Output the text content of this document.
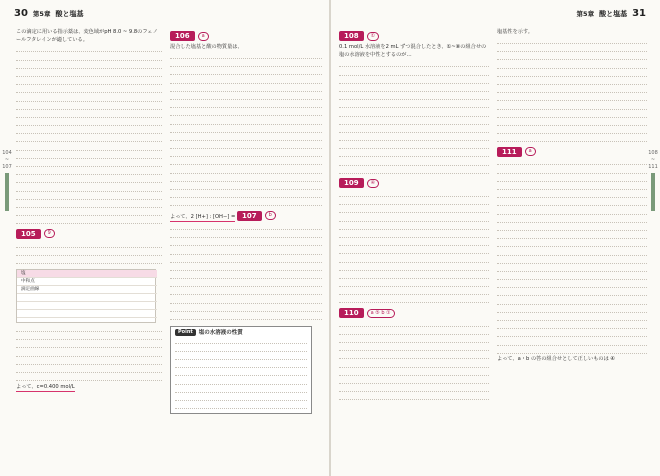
30 第5章 酸と塩基
104 ~ 107

この滴定に用いる指示薬は、変色域がpH 8.0 ~ 9.8のフェノールフタレインが適している。

105	9
塩
中和点
滴定曲線

よって、c=0.400 mol/L

106	a

混合した塩基と酸の物質量は、

よって、2 [H+] : [OH−] =

107	b
Point	塩の水溶液の性質
第5章 酸と塩基 31
108 ~ 111
108	①

0.1 mol/L 水溶液を2 mL ずつ混合したとき、①~⑧の組合せの塩の水溶液を中性とするのが…

109	④
110	a ⑤ b ①

塩基性を示す。

111	a

よって、a・b の答の組合せとして正しいものは ④
